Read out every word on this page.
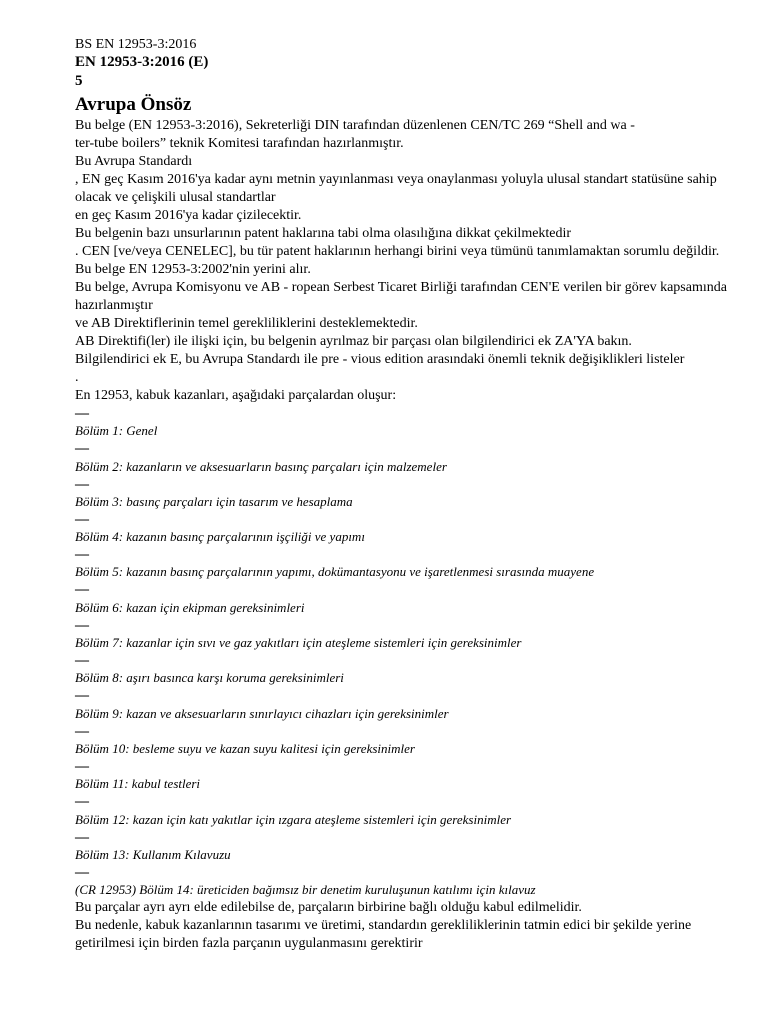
BS EN 12953-3:2016

EN 12953-3:2016 (E)

5

Avrupa Önsöz

Bu belge (EN 12953-3:2016), Sekreterliği DIN tarafından düzenlenen CEN/TC 269 “Shell and wa -

ter-tube boilers” teknik Komitesi tarafından hazırlanmıştır.

Bu Avrupa Standardı

, EN geç Kasım 2016'ya kadar aynı metnin yayınlanması veya onaylanması yoluyla ulusal standart statüsüne sahip olacak ve çelişkili ulusal standartlar

en geç Kasım 2016'ya kadar çizilecektir.

Bu belgenin bazı unsurlarının patent haklarına tabi olma olasılığına dikkat çekilmektedir

. CEN [ve/veya CENELEC], bu tür patent haklarının herhangi birini veya tümünü tanımlamaktan sorumlu değildir.

Bu belge EN 12953-3:2002'nin yerini alır.

Bu belge, Avrupa Komisyonu ve AB - ropean Serbest Ticaret Birliği tarafından CEN'E verilen bir görev kapsamında hazırlanmıştır

ve AB Direktiflerinin temel gerekliliklerini desteklemektedir.

AB Direktifi(ler) ile ilişki için, bu belgenin ayrılmaz bir parçası olan bilgilendirici ek ZA'YA bakın.

Bilgilendirici ek E, bu Avrupa Standardı ile pre - vious edition arasındaki önemli teknik değişiklikleri listeler

.

En 12953, kabuk kazanları, aşağıdaki parçalardan oluşur:

—

Bölüm 1: Genel

—

Bölüm 2: kazanların ve aksesuarların basınç parçaları için malzemeler

—

Bölüm 3: basınç parçaları için tasarım ve hesaplama

—

Bölüm 4: kazanın basınç parçalarının işçiliği ve yapımı

—

Bölüm 5: kazanın basınç parçalarının yapımı, dokümantasyonu ve işaretlenmesi sırasında muayene

—

Bölüm 6: kazan için ekipman gereksinimleri

—

Bölüm 7: kazanlar için sıvı ve gaz yakıtları için ateşleme sistemleri için gereksinimler

—

Bölüm 8: aşırı basınca karşı koruma gereksinimleri

—

Bölüm 9: kazan ve aksesuarların sınırlayıcı cihazları için gereksinimler

—

Bölüm 10: besleme suyu ve kazan suyu kalitesi için gereksinimler

—

Bölüm 11: kabul testleri

—

Bölüm 12: kazan için katı yakıtlar için ızgara ateşleme sistemleri için gereksinimler

—

Bölüm 13: Kullanım Kılavuzu

—

(CR 12953) Bölüm 14: üreticiden bağımsız bir denetim kuruluşunun katılımı için kılavuz

Bu parçalar ayrı ayrı elde edilebilse de, parçaların birbirine bağlı olduğu kabul edilmelidir.

Bu nedenle, kabuk kazanlarının tasarımı ve üretimi, standardın gerekliliklerinin tatmin edici bir şekilde yerine getirilmesi için birden fazla parçanın uygulanmasını gerektirir
